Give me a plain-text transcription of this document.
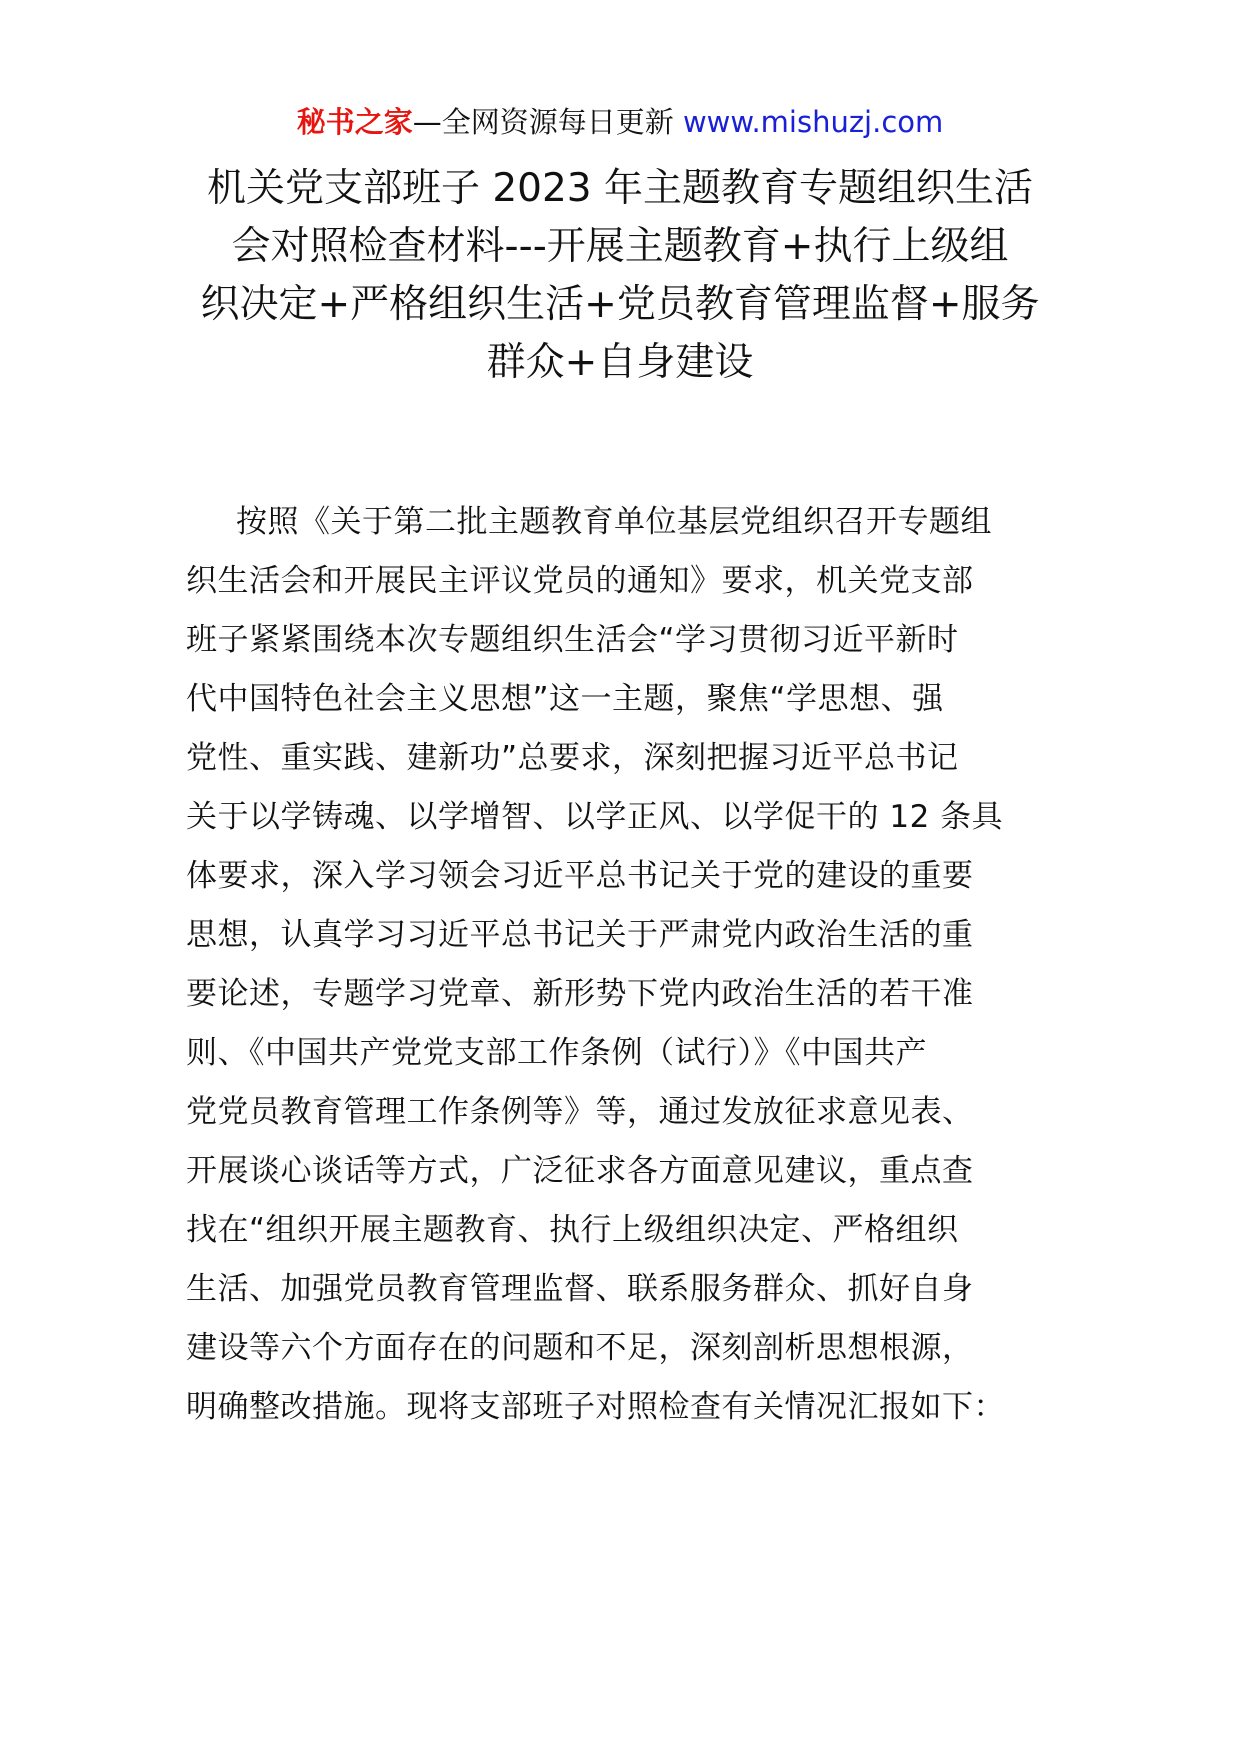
秘书之家—全网资源每日更新 www.mishuzj.com
机关党支部班子 2023 年主题教育专题组织生活
会对照检查材料---开展主题教育+执行上级组
织决定+严格组织生活+党员教育管理监督+服务
群众+自身建设
按照《关于第二批主题教育单位基层党组织召开专题组
织生活会和开展民主评议党员的通知》要求，机关党支部
班子紧紧围绕本次专题组织生活会“学习贯彻习近平新时
代中国特色社会主义思想”这一主题，聚焦“学思想、强
党性、重实践、建新功”总要求，深刻把握习近平总书记
关于以学铸魂、以学增智、以学正风、以学促干的 12 条具
体要求，深入学习领会习近平总书记关于党的建设的重要
思想，认真学习习近平总书记关于严肃党内政治生活的重
要论述，专题学习党章、新形势下党内政治生活的若干准
则、《中国共产党党支部工作条例（试行）》《中国共产
党党员教育管理工作条例等》等，通过发放征求意见表、
开展谈心谈话等方式，广泛征求各方面意见建议，重点查
找在“组织开展主题教育、执行上级组织决定、严格组织
生活、加强党员教育管理监督、联系服务群众、抓好自身
建设等六个方面存在的问题和不足，深刻剖析思想根源，
明确整改措施。现将支部班子对照检查有关情况汇报如下：
